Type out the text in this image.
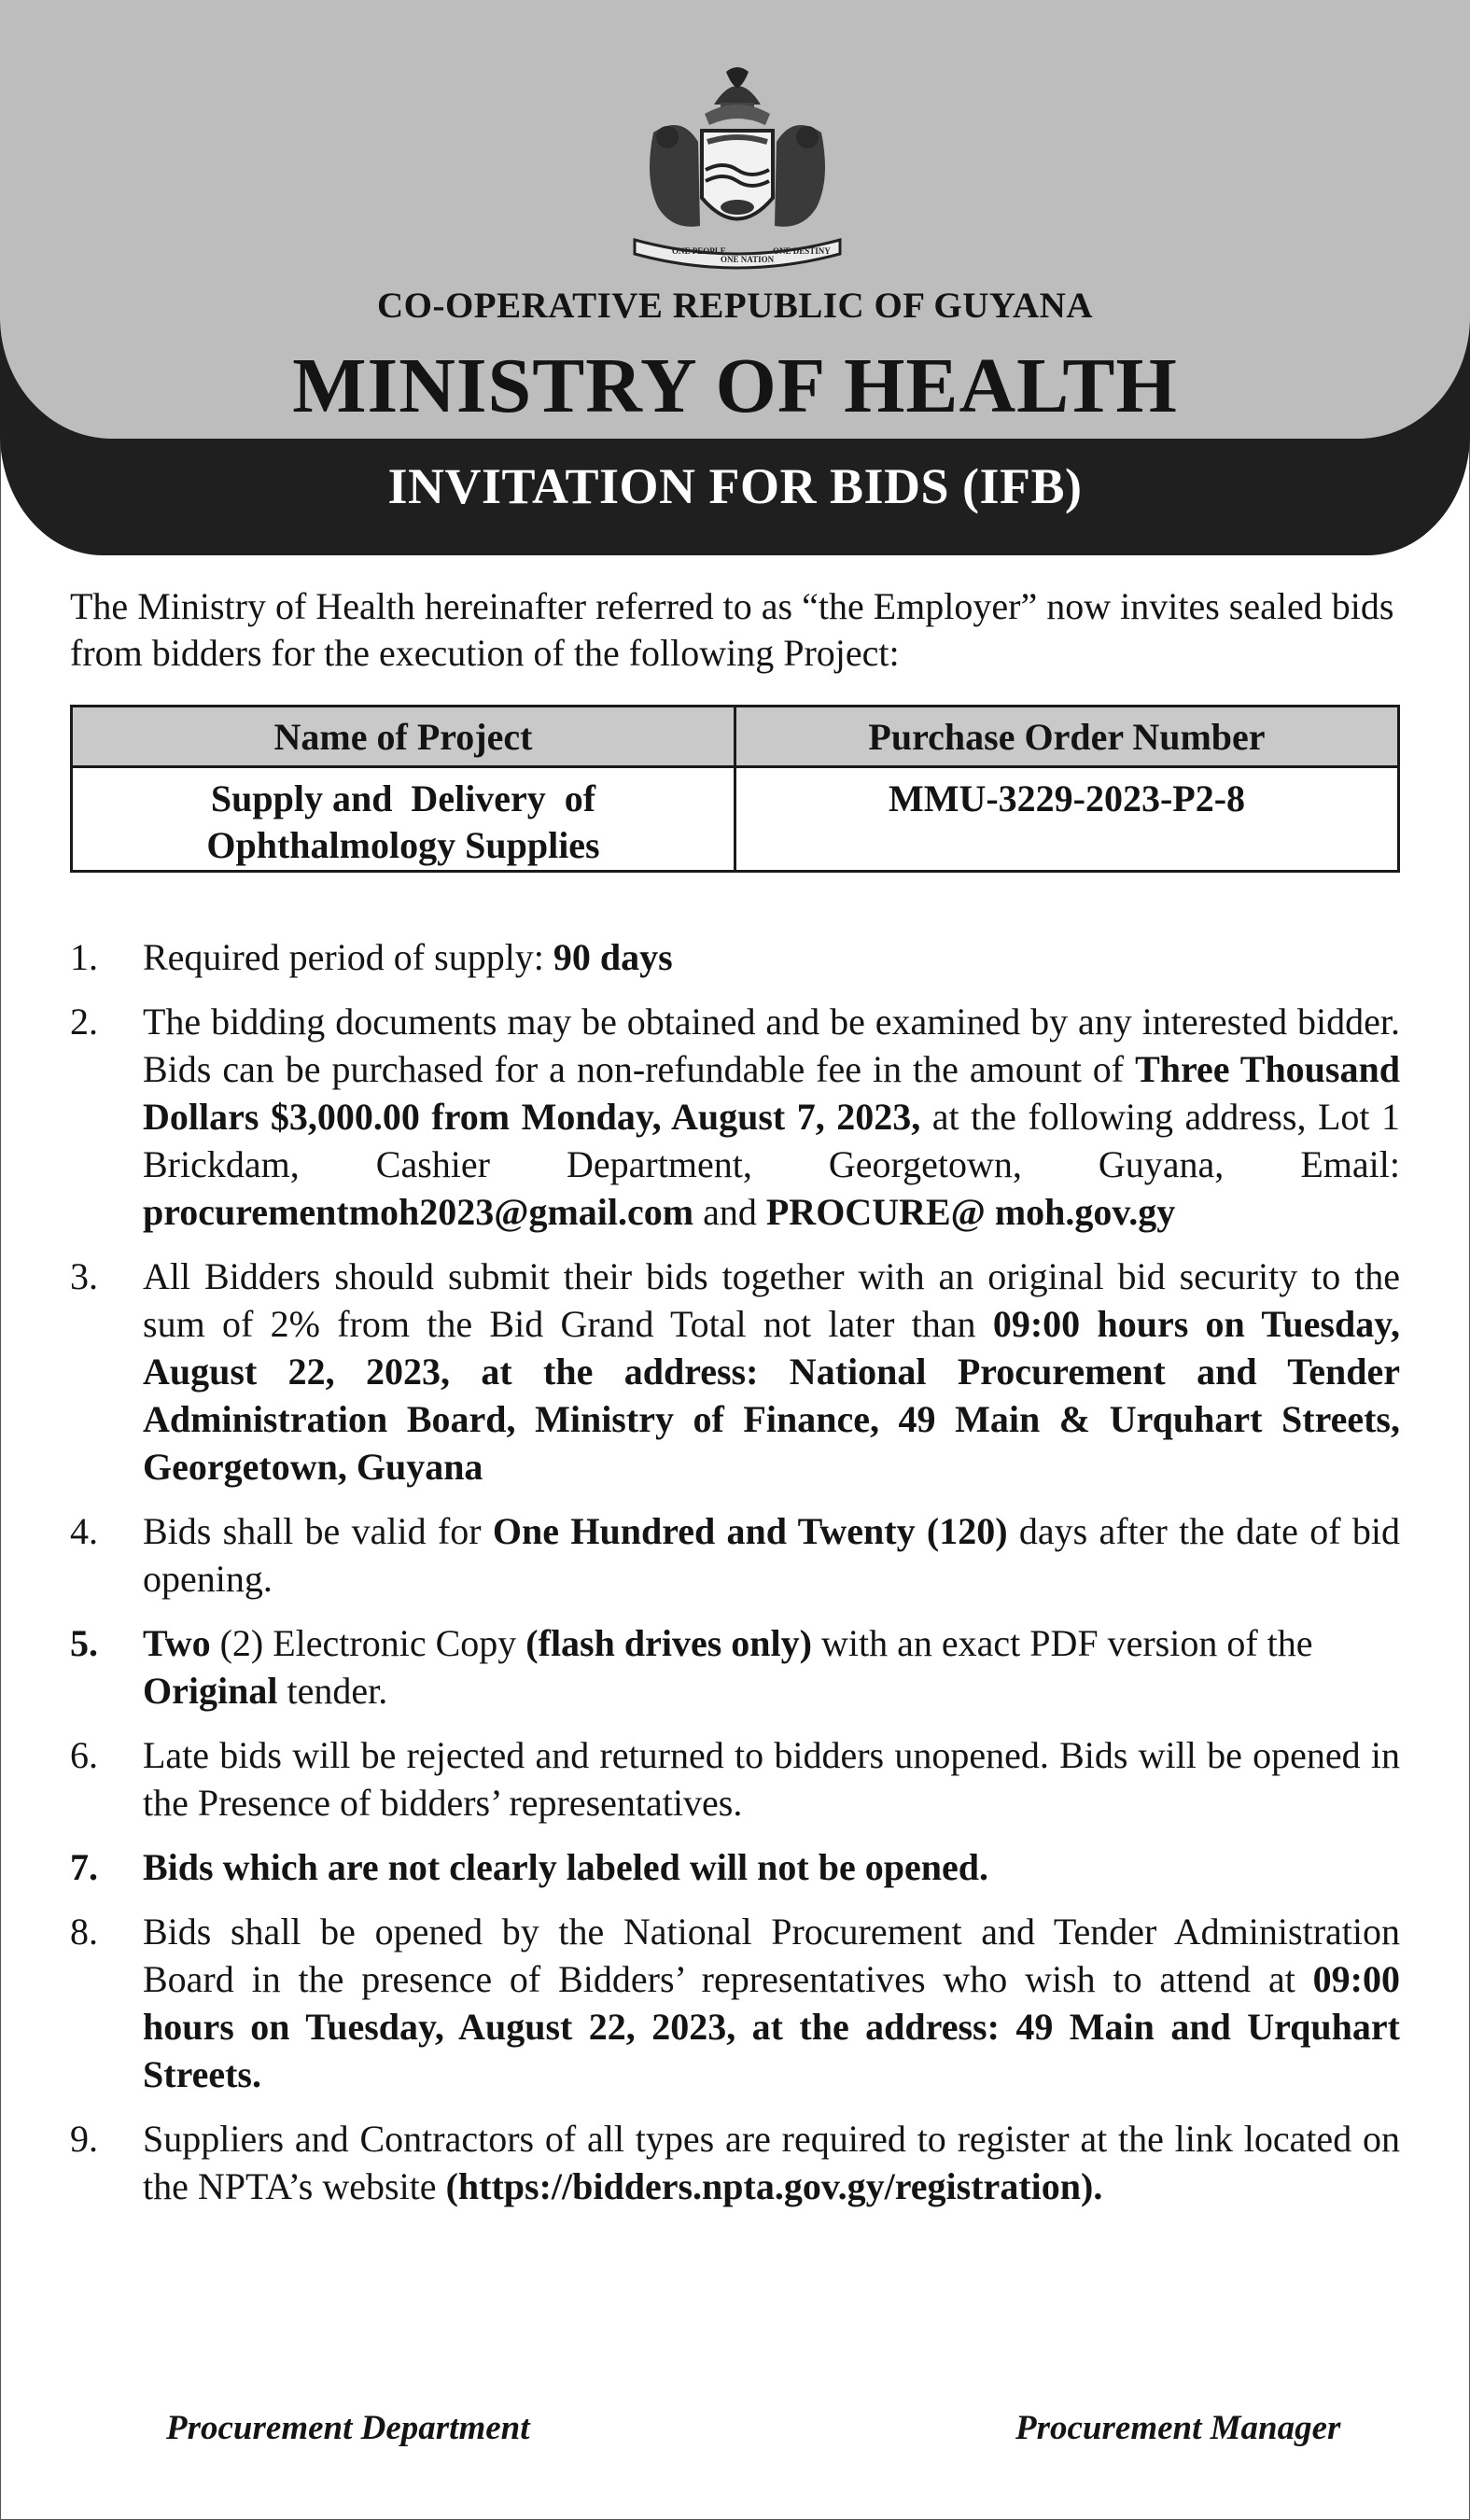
ONE PEOPLE
ONE NATION
ONE DESTINY
CO-OPERATIVE REPUBLIC OF GUYANA
MINISTRY OF HEALTH
INVITATION FOR BIDS (IFB)
The Ministry of Health hereinafter referred to as “the Employer” now invites sealed bids from bidders for the execution of the following Project:
Name of Project	Purchase Order Number

Supply and  Delivery  of
Ophthalmology Supplies	MMU-3229-2023-P2-8
1.	Required period of supply: 90 days
2.	The bidding documents may be obtained and be examined by any interested bidder. Bids can be purchased for a non-refundable fee in the amount of Three Thousand Dollars $3,000.00 from Monday, August 7, 2023, at the following address, Lot 1 Brickdam, Cashier Department, Georgetown, Guyana, Email: procurementmoh2023@gmail.com and PROCURE@ moh.gov.gy
3.	All Bidders should submit their bids together with an original bid security to the sum of 2% from the Bid Grand Total not later than 09:00 hours on Tuesday, August 22, 2023, at the address: National Procurement and Tender Administration Board, Ministry of Finance, 49 Main & Urquhart Streets, Georgetown, Guyana
4.	Bids shall be valid for One Hundred and Twenty (120) days after the date of bid opening.
5.	Two (2) Electronic Copy (flash drives only) with an exact PDF version of the Original tender.
6.	Late bids will be rejected and returned to bidders unopened. Bids will be opened in the Presence of bidders’ representatives.
7.	Bids which are not clearly labeled will not be opened.
8.	Bids shall be opened by the National Procurement and Tender Administration Board in the presence of Bidders’ representatives who wish to attend at 09:00 hours on Tuesday, August 22, 2023, at the address: 49 Main and Urquhart Streets.
9.	Suppliers and Contractors of all types are required to register at the link located on the NPTA’s website (https://bidders.npta.gov.gy/registration).
Procurement Department	Procurement Manager
